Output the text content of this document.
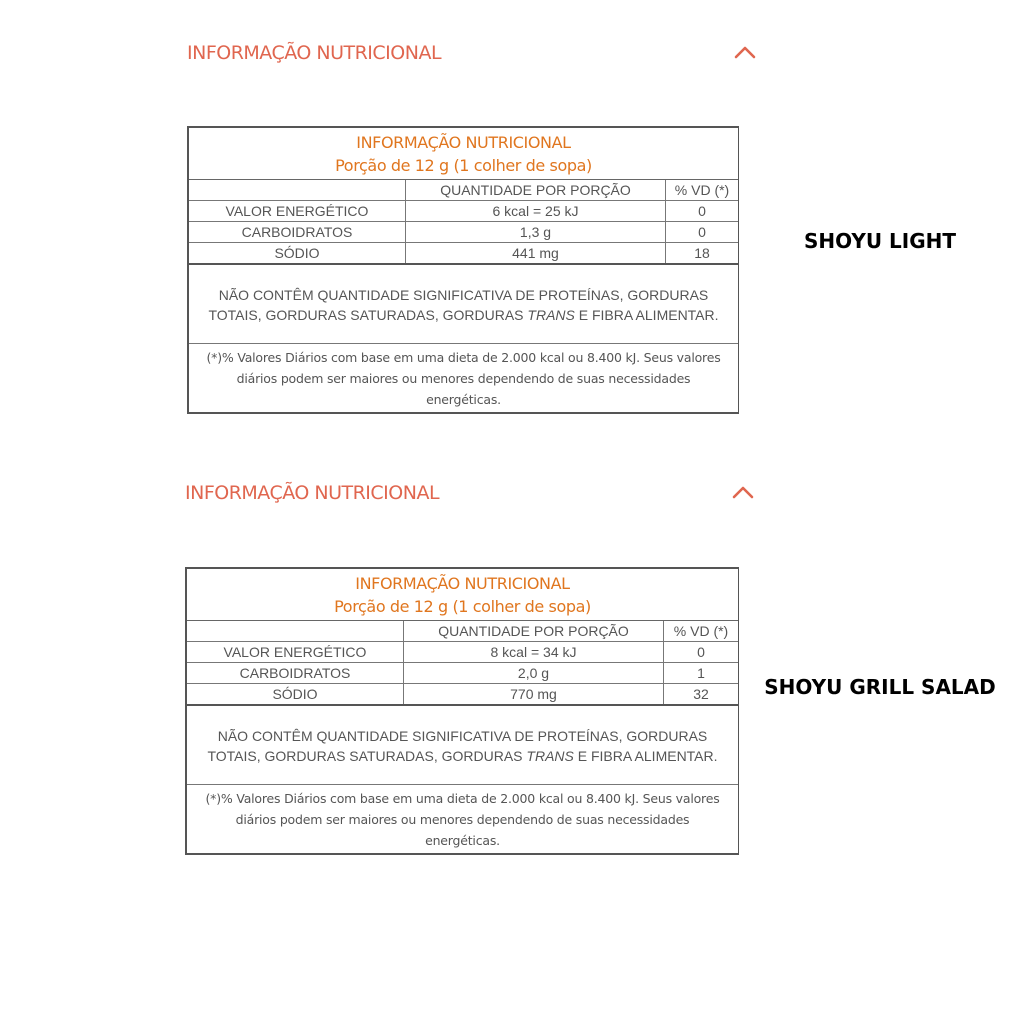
INFORMAÇÃO NUTRICIONAL
INFORMAÇÃO NUTRICIONAL
Porção de 12 g (1 colher de sopa)
	QUANTIDADE POR PORÇÃO	% VD (*)
VALOR ENERGÉTICO	6 kcal = 25 kJ	0
CARBOIDRATOS	1,3 g	0
SÓDIO	441 mg	18
NÃO CONTÊM QUANTIDADE SIGNIFICATIVA DE PROTEÍNAS, GORDURAS TOTAIS, GORDURAS SATURADAS, GORDURAS TRANS E FIBRA ALIMENTAR.
(*)% Valores Diários com base em uma dieta de 2.000 kcal ou 8.400 kJ. Seus valores diários podem ser maiores ou menores dependendo de suas necessidades energéticas.
SHOYU LIGHT
INFORMAÇÃO NUTRICIONAL
INFORMAÇÃO NUTRICIONAL
Porção de 12 g (1 colher de sopa)
	QUANTIDADE POR PORÇÃO	% VD (*)
VALOR ENERGÉTICO	8 kcal = 34 kJ	0
CARBOIDRATOS	2,0 g	1
SÓDIO	770 mg	32
NÃO CONTÊM QUANTIDADE SIGNIFICATIVA DE PROTEÍNAS, GORDURAS TOTAIS, GORDURAS SATURADAS, GORDURAS TRANS E FIBRA ALIMENTAR.
(*)% Valores Diários com base em uma dieta de 2.000 kcal ou 8.400 kJ. Seus valores diários podem ser maiores ou menores dependendo de suas necessidades energéticas.
SHOYU GRILL SALAD
